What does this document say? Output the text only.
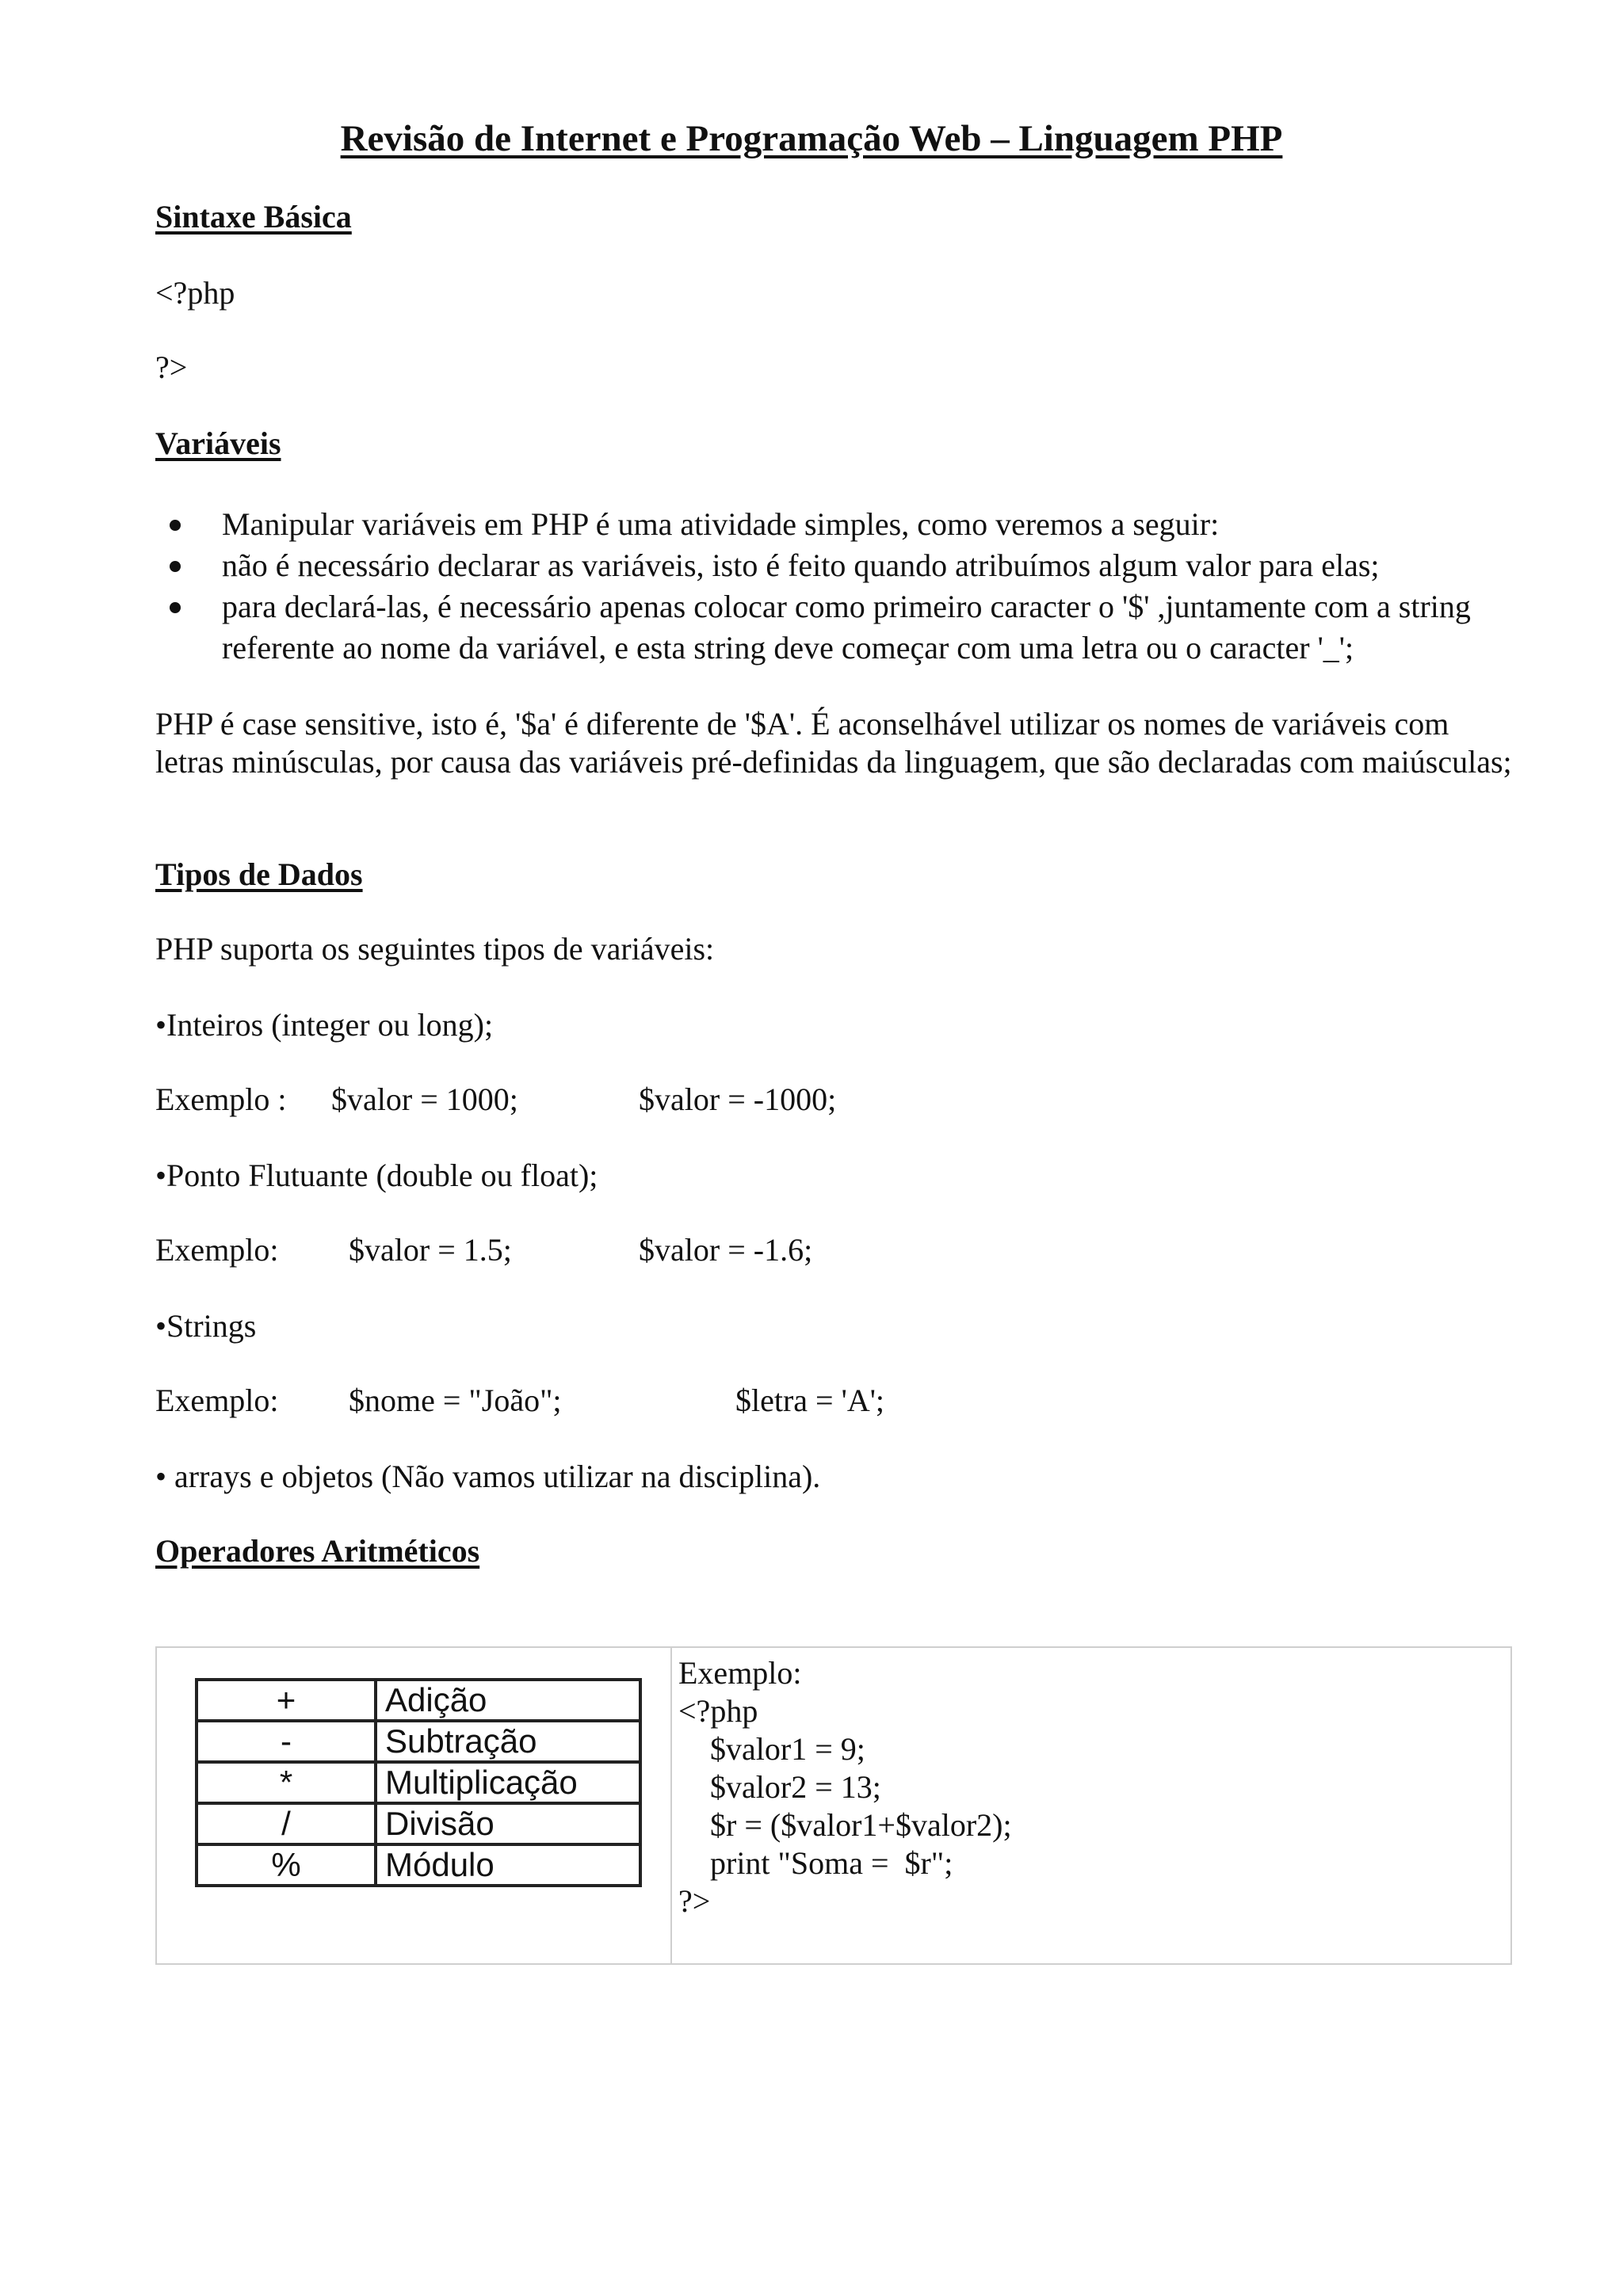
Revisão de Internet e Programação Web – Linguagem PHP
Sintaxe Básica
<?php
?>
Variáveis
Manipular variáveis em PHP é uma atividade simples, como veremos a seguir:
não é necessário declarar as variáveis, isto é feito quando atribuímos algum valor para elas;
para declará-las, é necessário apenas colocar como primeiro caracter o '$' ,juntamente com a string referente ao nome da variável, e esta string deve começar com uma letra ou o caracter '_';
PHP é case sensitive, isto é, '$a' é diferente de '$A'. É aconselhável utilizar os nomes de variáveis com letras minúsculas, por causa das variáveis pré-definidas da linguagem, que são declaradas com maiúsculas;
Tipos de Dados
PHP suporta os seguintes tipos de variáveis:
•Inteiros (integer ou long);
Exemplo : $valor = 1000;	$valor = -1000;
•Ponto Flutuante (double ou float);
Exemplo: $valor = 1.5;	$valor = -1.6;
•Strings
Exemplo: $nome = "João";	$letra = 'A';
• arrays e objetos (Não vamos utilizar na disciplina).
Operadores Aritméticos
+	Adição
-	Subtração
*	Multiplicação
/	Divisão
%	Módulo
Exemplo:
<?php
$valor1 = 9;
$valor2 = 13;
$r = ($valor1+$valor2);
print "Soma =  $r";
?>
